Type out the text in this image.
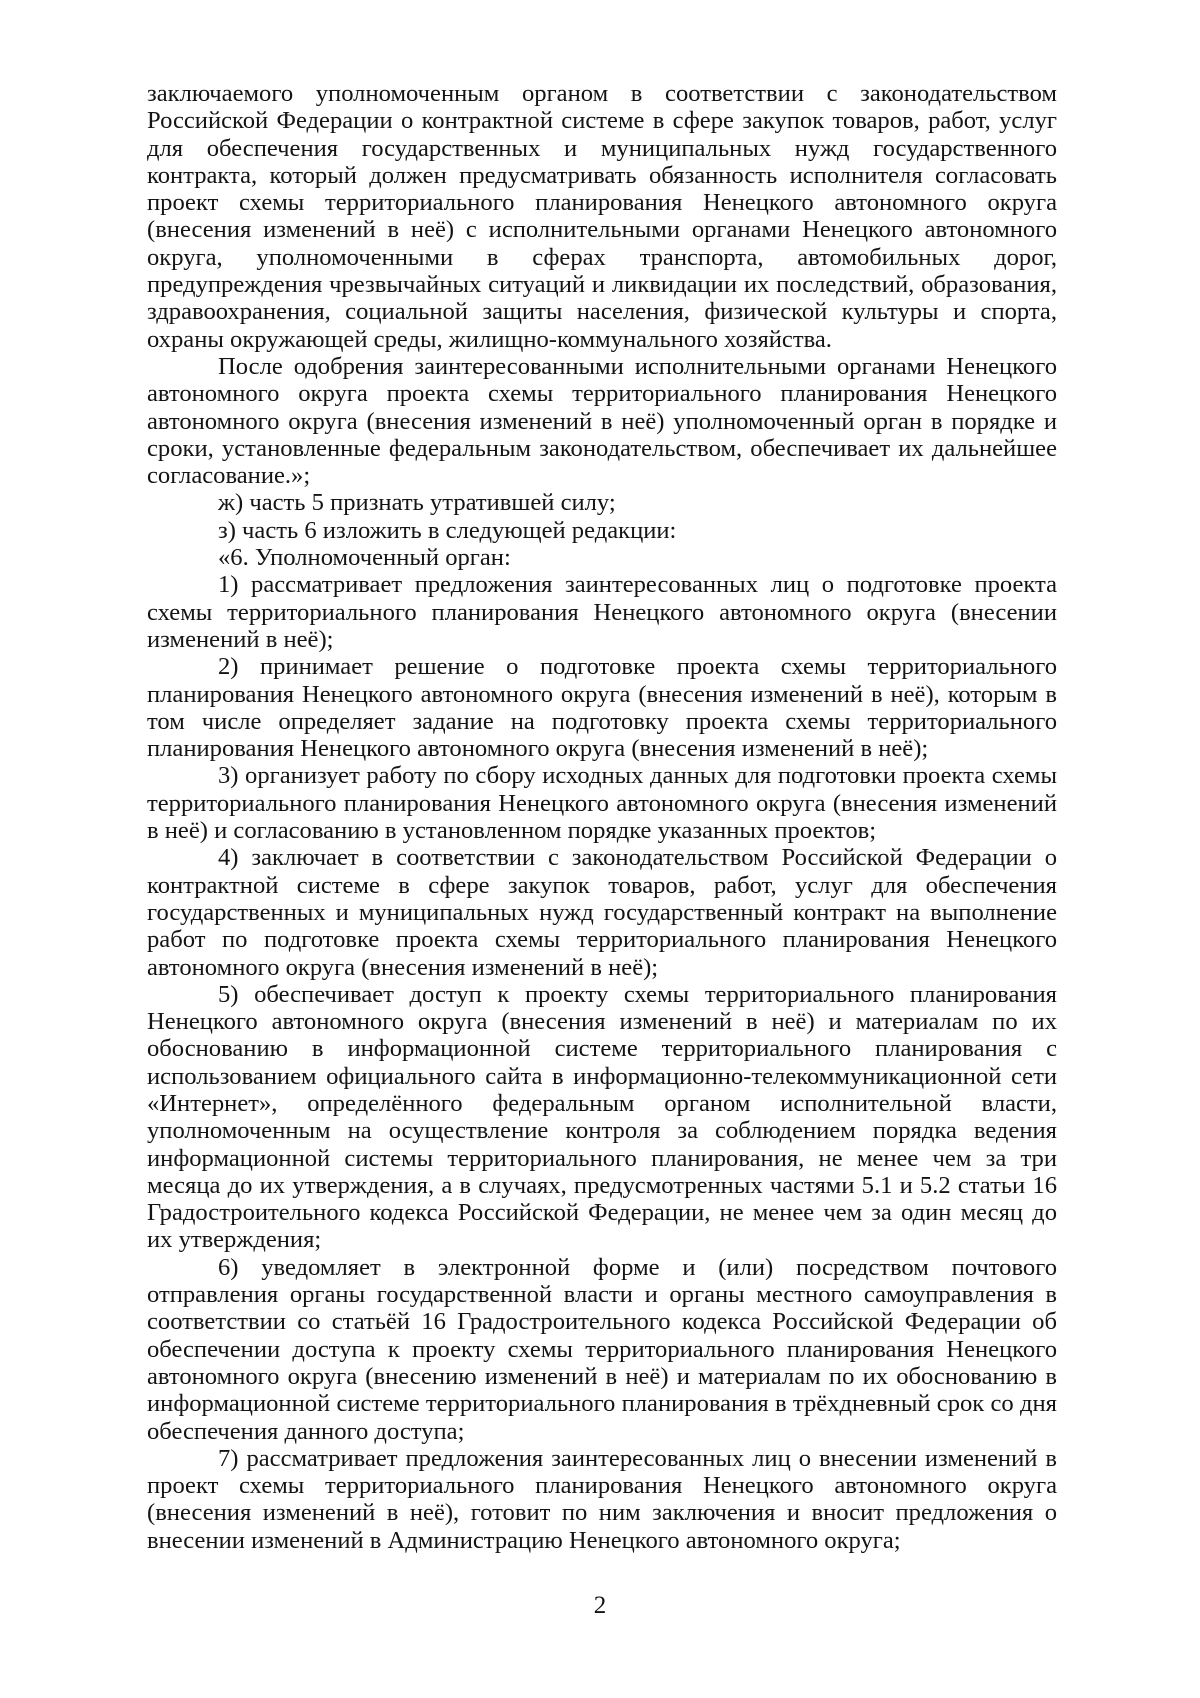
заключаемого уполномоченным органом в соответствии с законодательством Российской Федерации о контрактной системе в сфере закупок товаров, работ, услуг для обеспечения государственных и муниципальных нужд государственного контракта, который должен предусматривать обязанность исполнителя согласовать проект схемы территориального планирования Ненецкого автономного округа (внесения изменений в неё) с исполнительными органами Ненецкого автономного округа, уполномоченными в сферах транспорта, автомобильных дорог, предупреждения чрезвычайных ситуаций и ликвидации их последствий, образования, здравоохранения, социальной защиты населения, физической культуры и спорта, охраны окружающей среды, жилищно-коммунального хозяйства.

После одобрения заинтересованными исполнительными органами Ненецкого автономного округа проекта схемы территориального планирования Ненецкого автономного округа (внесения изменений в неё) уполномоченный орган в порядке и сроки, установленные федеральным законодательством, обеспечивает их дальнейшее согласование.»;

ж) часть 5 признать утратившей силу;

з) часть 6 изложить в следующей редакции:

«6. Уполномоченный орган:

1) рассматривает предложения заинтересованных лиц о подготовке проекта схемы территориального планирования Ненецкого автономного округа (внесении изменений в неё);

2) принимает решение о подготовке проекта схемы территориального планирования Ненецкого автономного округа (внесения изменений в неё), которым в том числе определяет задание на подготовку проекта схемы территориального планирования Ненецкого автономного округа (внесения изменений в неё);

3) организует работу по сбору исходных данных для подготовки проекта схемы территориального планирования Ненецкого автономного округа (внесения изменений в неё) и согласованию в установленном порядке указанных проектов;

4) заключает в соответствии с законодательством Российской Федерации о контрактной системе в сфере закупок товаров, работ, услуг для обеспечения государственных и муниципальных нужд государственный контракт на выполнение работ по подготовке проекта схемы территориального планирования Ненецкого автономного округа (внесения изменений в неё);

5) обеспечивает доступ к проекту схемы территориального планирования Ненецкого автономного округа (внесения изменений в неё) и материалам по их обоснованию в информационной системе территориального планирования с использованием официального сайта в информационно-телекоммуникационной сети «Интернет», определённого федеральным органом исполнительной власти, уполномоченным на осуществление контроля за соблюдением порядка ведения информационной системы территориального планирования, не менее чем за три месяца до их утверждения, а в случаях, предусмотренных частями 5.1 и 5.2 статьи 16 Градостроительного кодекса Российской Федерации, не менее чем за один месяц до их утверждения;

6) уведомляет в электронной форме и (или) посредством почтового отправления органы государственной власти и органы местного самоуправления в соответствии со статьёй 16 Градостроительного кодекса Российской Федерации об обеспечении доступа к проекту схемы территориального планирования Ненецкого автономного округа (внесению изменений в неё) и материалам по их обоснованию в информационной системе территориального планирования в трёхдневный срок со дня обеспечения данного доступа;

7) рассматривает предложения заинтересованных лиц о внесении изменений в проект схемы территориального планирования Ненецкого автономного округа (внесения изменений в неё), готовит по ним заключения и вносит предложения о внесении изменений в Администрацию Ненецкого автономного округа;

2
